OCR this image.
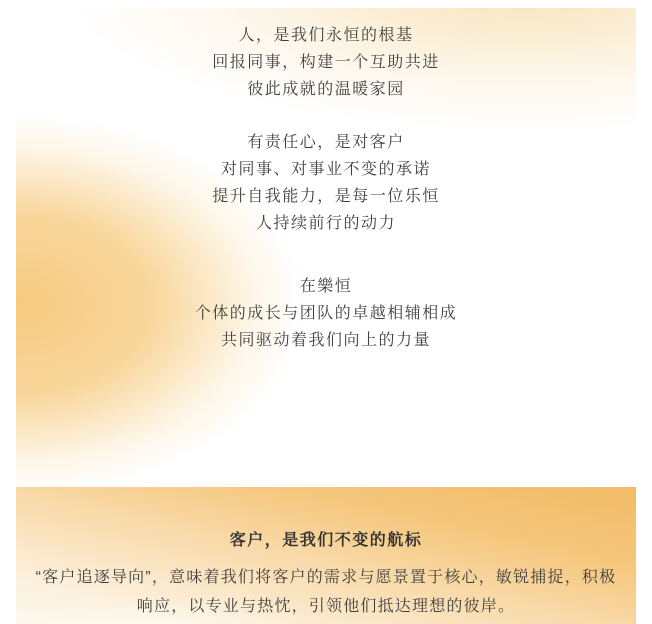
人，是我们永恒的根基
回报同事，构建一个互助共进
彼此成就的温暖家园

有责任心，是对客户
对同事、对事业不变的承诺
提升自我能力，是每一位乐恒
人持续前行的动力

在樂恒
个体的成长与团队的卓越相辅相成
共同驱动着我们向上的力量

客户，是我们不变的航标

“客户追逐导向”，意味着我们将客户的需求与愿景置于核心，敏锐捕捉，积极响应，以专业与热忱，引领他们抵达理想的彼岸。
